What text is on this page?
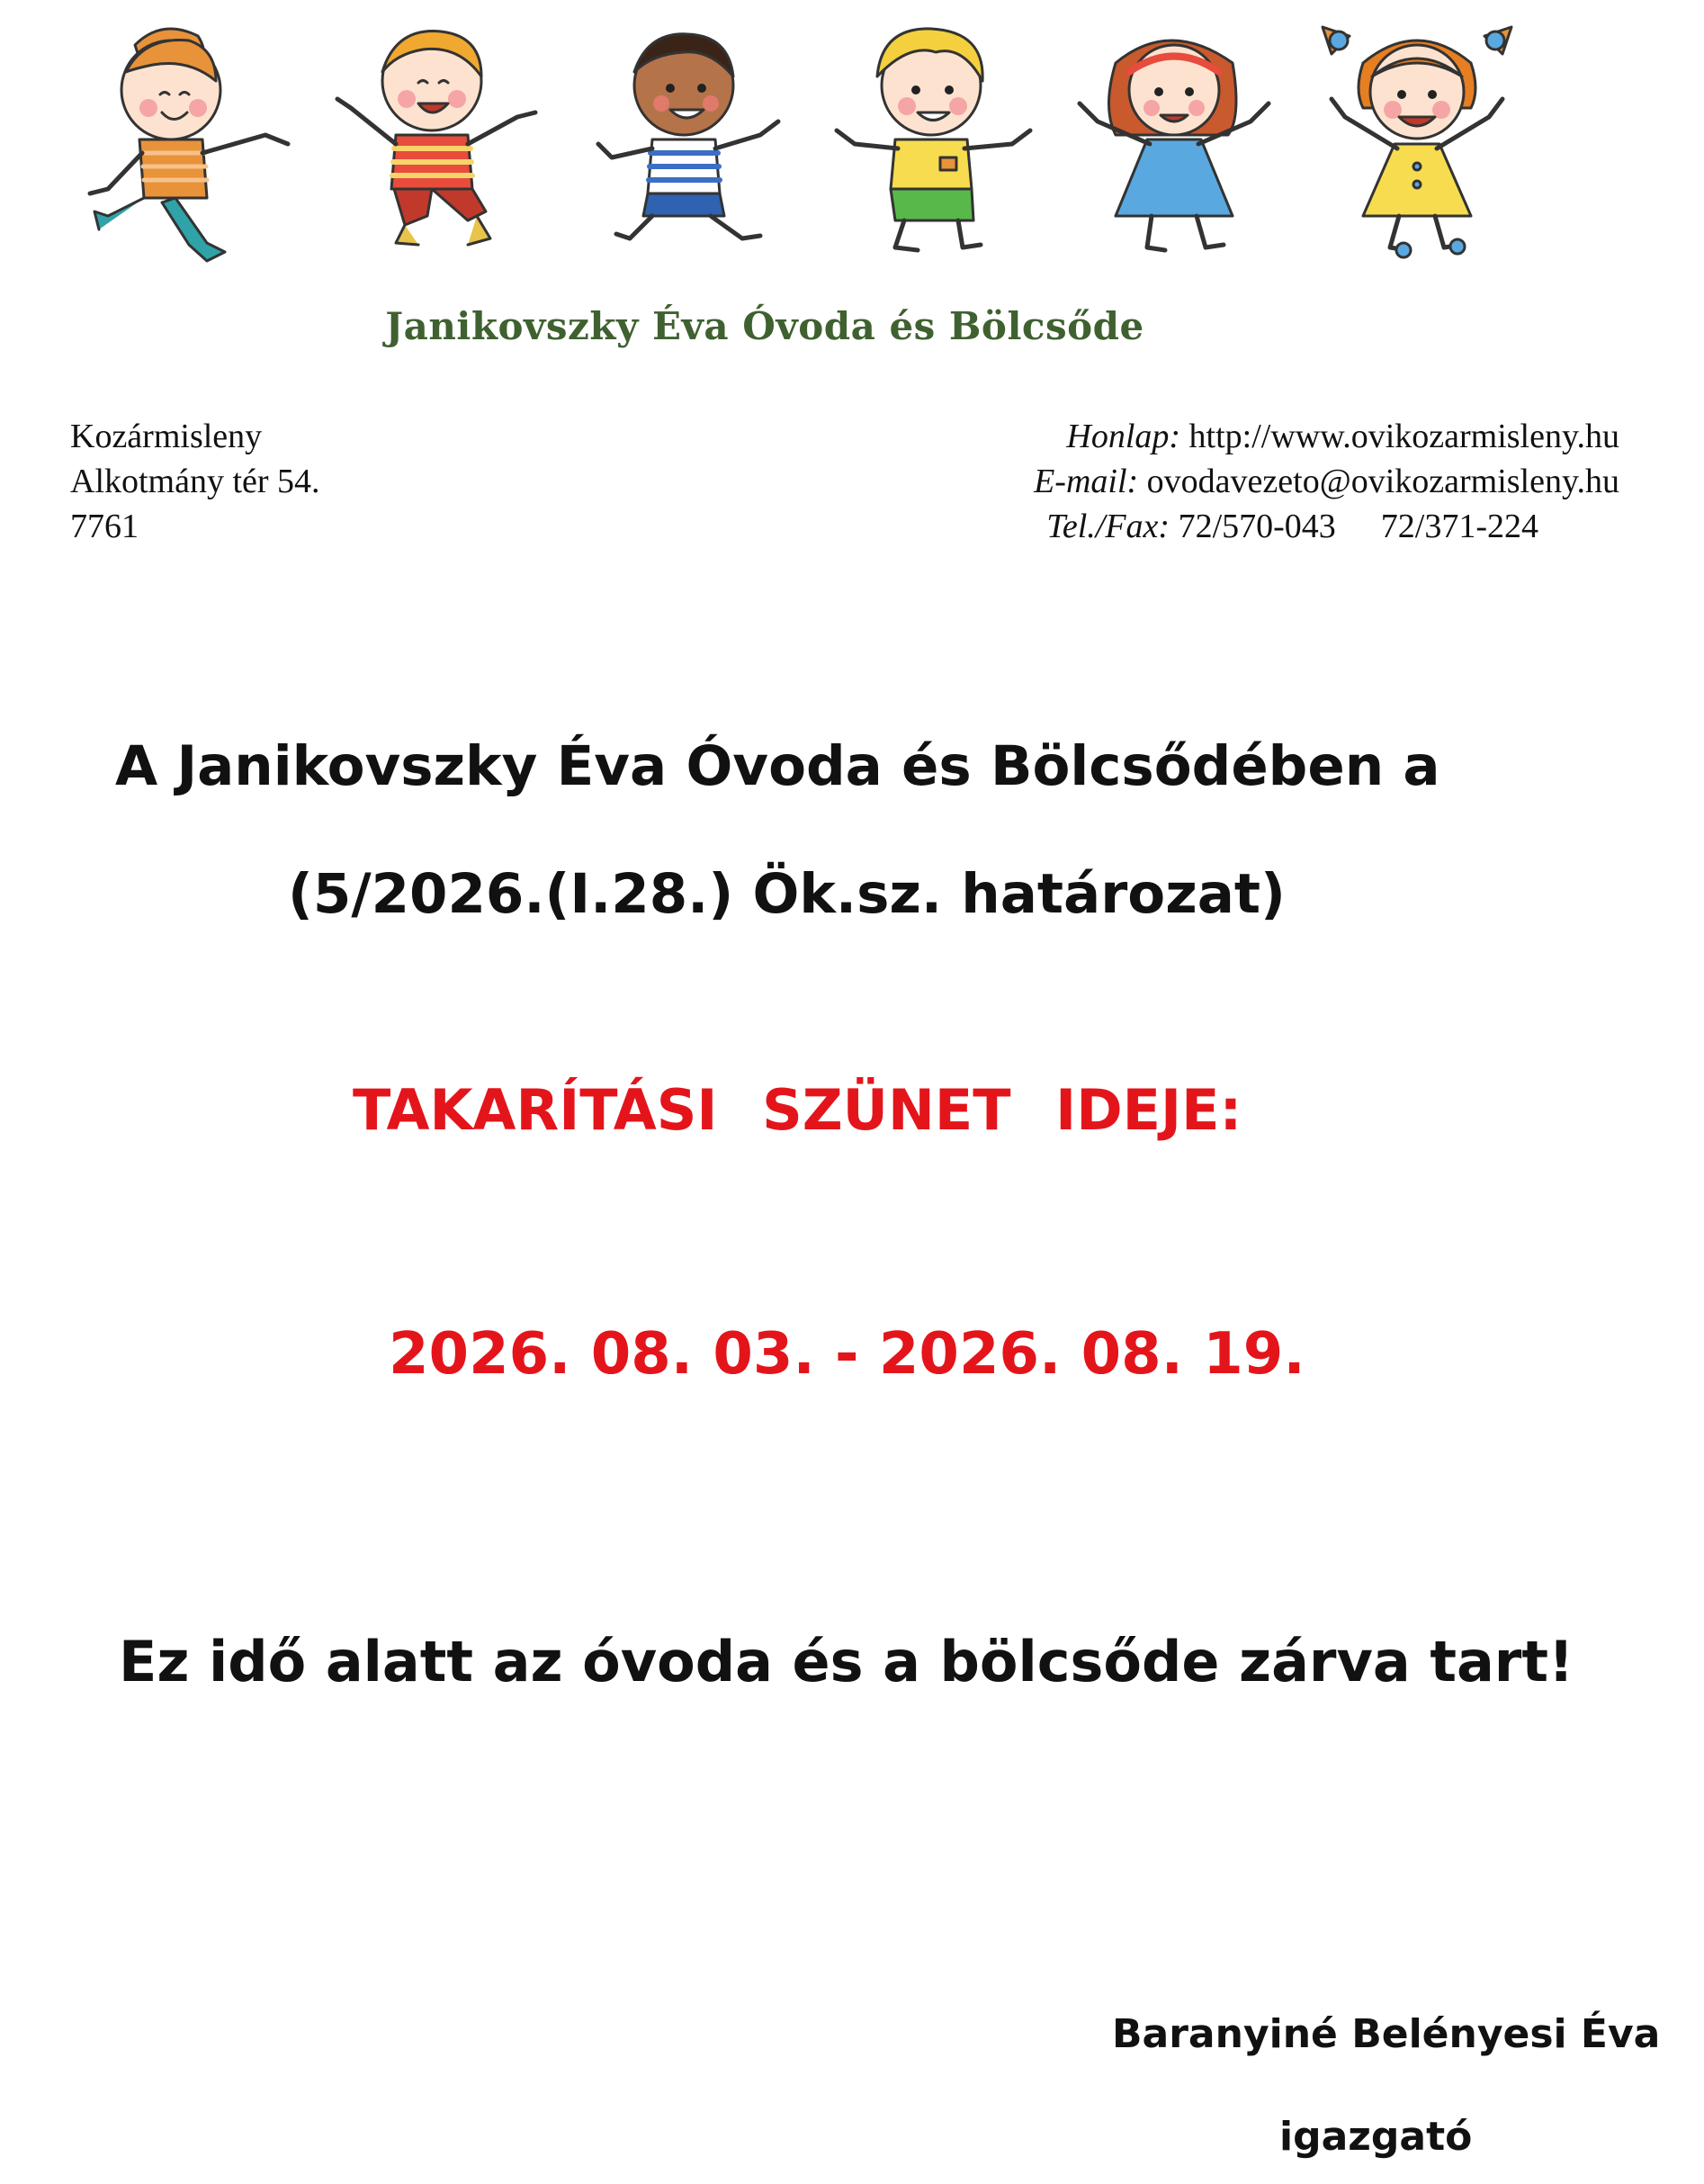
Janikovszky Éva Óvoda és Bölcsőde
Kozármisleny
Alkotmány tér 54.
7761
Honlap: http://www.ovikozarmisleny.hu
E-mail: ovodavezeto@ovikozarmisleny.hu
Tel./Fax: 72/570-043 72/371-224
A Janikovszky Éva Óvoda és Bölcsődében a
(5/2026.(I.28.) Ök.sz. határozat)
TAKARÍTÁSI SZÜNET IDEJE:
2026. 08. 03. - 2026. 08. 19.
Ez idő alatt az óvoda és a bölcsőde zárva tart!
Baranyiné Belényesi Éva
igazgató
